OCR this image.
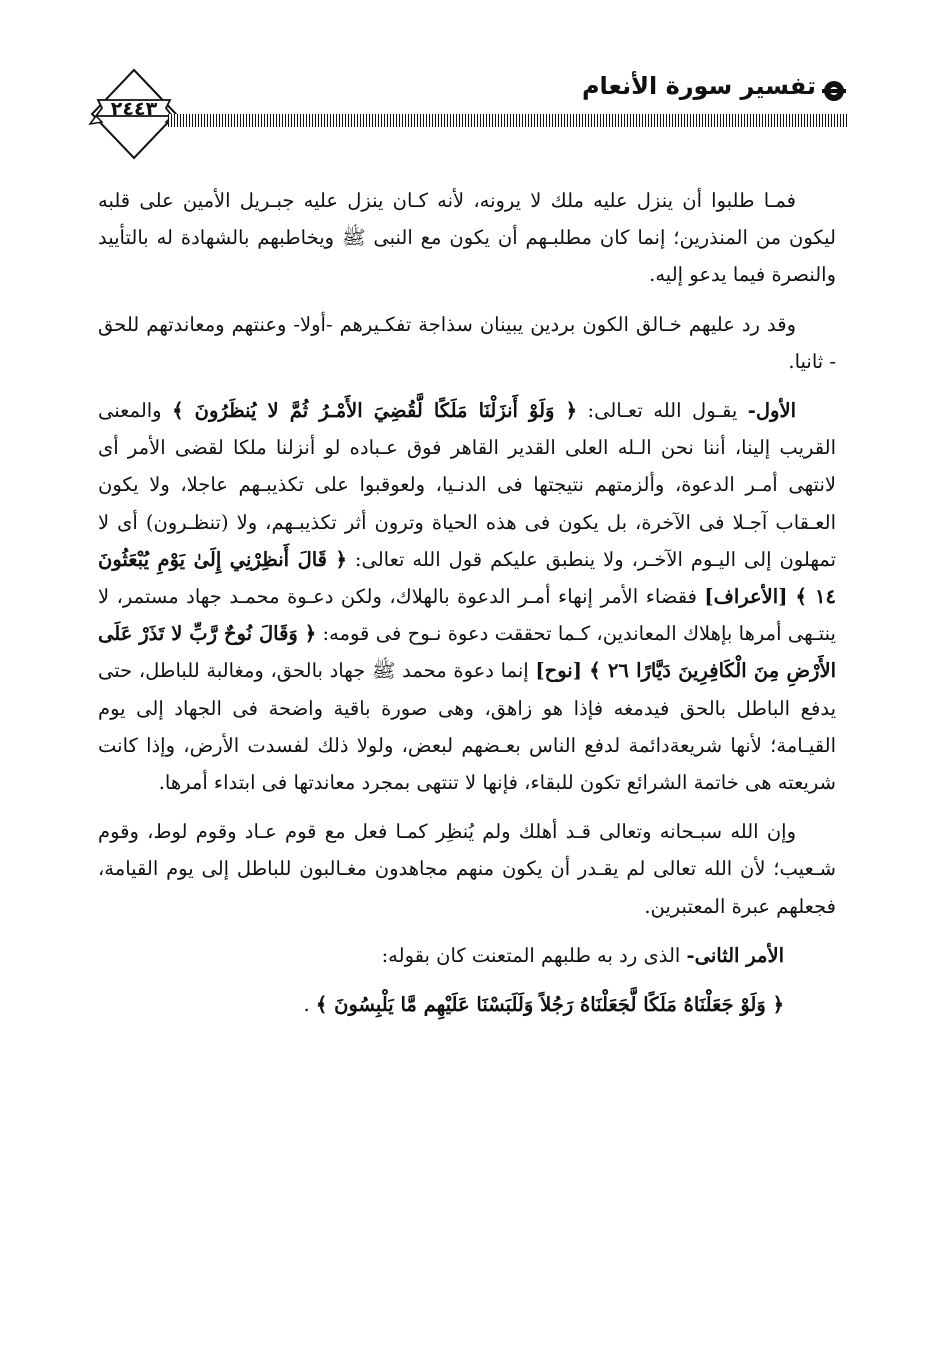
٢٤٤٣
تفسير سورة الأنعام

فمـا طلبوا أن ينزل عليه ملك لا يرونه، لأنه كـان ينزل عليه جبـريل الأمين على قلبه ليكون من المنذرين؛ إنما كان مطلبـهم أن يكون مع النبى ﷺ ويخاطبهم بالشهادة له بالتأييد والنصرة فيما يدعو إليه.

وقد رد عليهم خـالق الكون بردين يبينان سذاجة تفكـيرهم -أولا- وعنتهم ومعاندتهم للحق - ثانيا.

الأول- يقـول الله تعـالى: ﴿ وَلَوْ أَنزَلْنَا مَلَكًا لَّقُضِيَ الأَمْـرُ ثُمَّ لا يُنظَرُونَ ﴾ والمعنى القريب إلينا، أننا نحن الـله العلى القدير القاهر فوق عـباده لو أنزلنا ملكا لقضى الأمر أى لانتهى أمـر الدعوة، وألزمتهم نتيجتها فى الدنـيا، ولعوقبوا على تكذيبـهم عاجلا، ولا يكون العـقاب آجـلا فى الآخرة، بل يكون فى هذه الحياة وترون أثر تكذيبـهم، ولا (تنظـرون) أى لا تمهلون إلى اليـوم الآخـر، ولا ينطبق عليكم قول الله تعالى: ﴿ قَالَ أَنظِرْنِي إِلَىٰ يَوْمِ يُبْعَثُونَ ١٤ ﴾ [الأعراف] فقضاء الأمر إنهاء أمـر الدعوة بالهلاك، ولكن دعـوة محمـد جهاد مستمر، لا ينتـهى أمرها بإهلاك المعاندين، كـما تحققت دعوة نـوح فى قومه: ﴿ وَقَالَ نُوحٌ رَّبِّ لا تَذَرْ عَلَى الأَرْضِ مِنَ الْكَافِرِينَ دَيَّارًا ٢٦ ﴾ [نوح] إنما دعوة محمد ﷺ جهاد بالحق، ومغالبة للباطل، حتى يدفع الباطل بالحق فيدمغه فإذا هو زاهق، وهى صورة باقية واضحة فى الجهاد إلى يوم القيـامة؛ لأنها شريعةدائمة لدفع الناس بعـضهم لبعض، ولولا ذلك لفسدت الأرض، وإذا كانت شريعته هى خاتمة الشرائع تكون للبقاء، فإنها لا تنتهى بمجرد معاندتها فى ابتداء أمرها.

وإن الله سبـحانه وتعالى قـد أهلك ولم يُنظِر كمـا فعل مع قوم عـاد وقوم لوط، وقوم شـعيب؛ لأن الله تعالى لم يقـدر أن يكون منهم مجاهدون مغـالبون للباطل إلى يوم القيامة، فجعلهم عبرة المعتبرين.

الأمر الثانى- الذى رد به طلبهم المتعنت كان بقوله:

﴿ وَلَوْ جَعَلْنَاهُ مَلَكًا لَّجَعَلْنَاهُ رَجُلاً وَلَلَبَسْنَا عَلَيْهِم مَّا يَلْبِسُونَ ﴾ .
